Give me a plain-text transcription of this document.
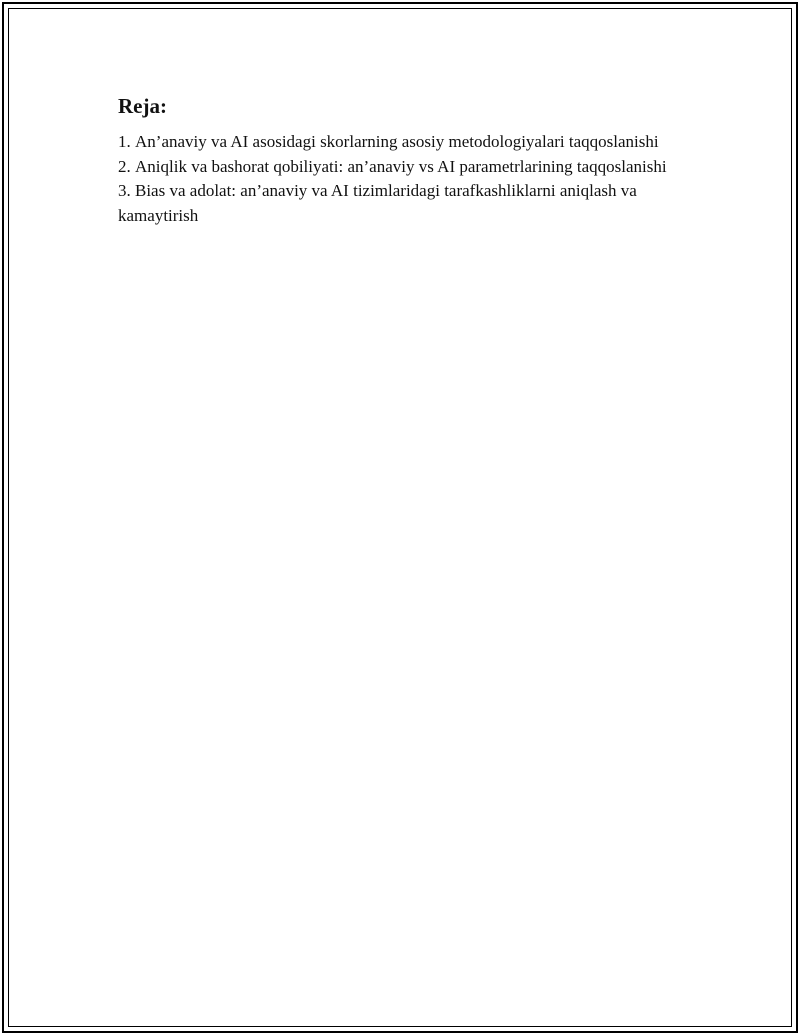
Reja:
1. An’anaviy va AI asosidagi skorlarning asosiy metodologiyalari taqqoslanishi
2. Aniqlik va bashorat qobiliyati: an’anaviy vs AI parametrlarining taqqoslanishi
3. Bias va adolat: an’anaviy va AI tizimlaridagi tarafkashliklarni aniqlash va kamaytirish
